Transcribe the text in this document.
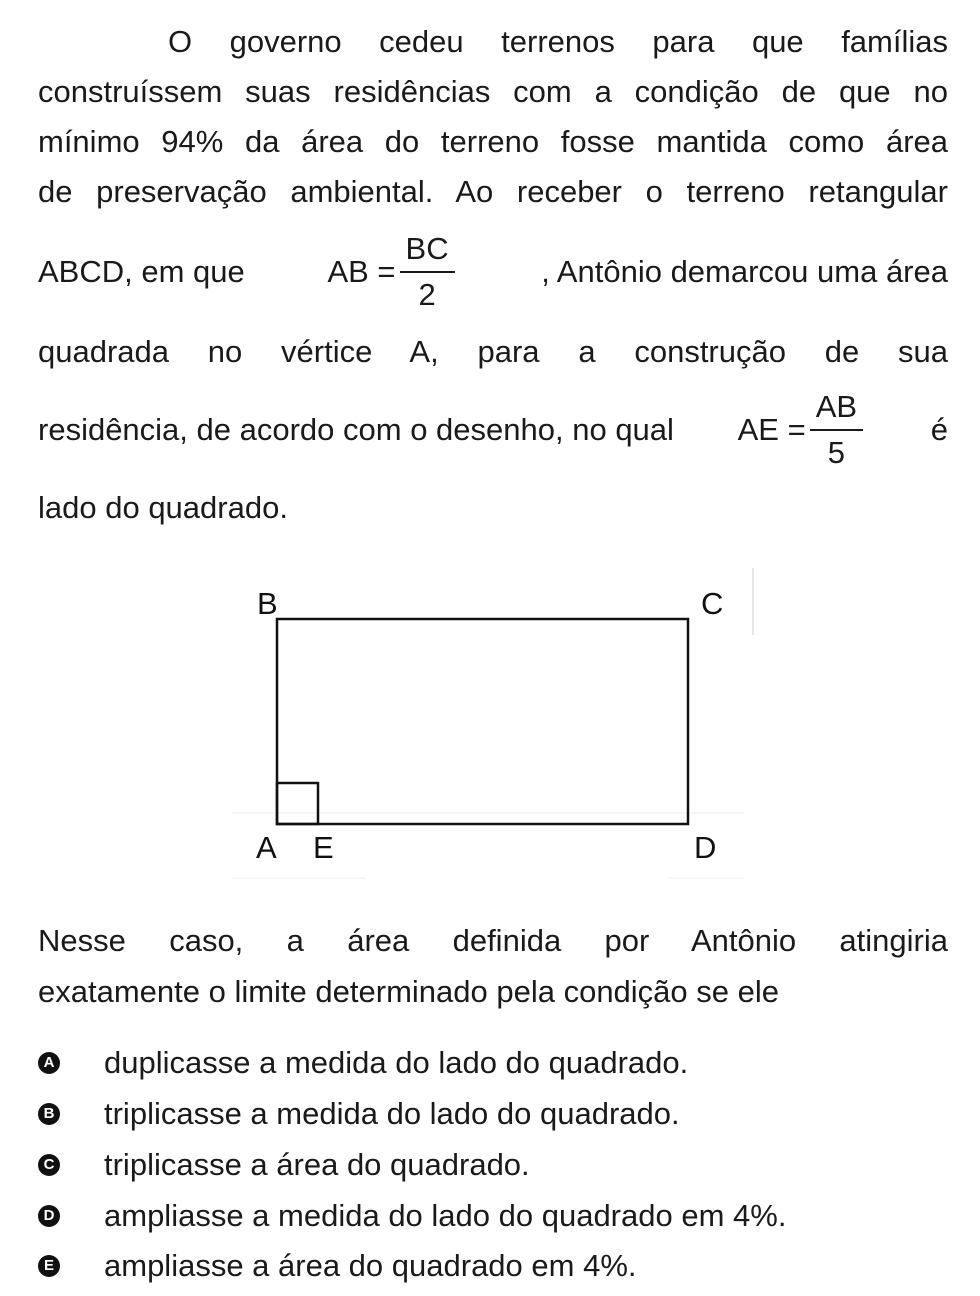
O governo cedeu terrenos para que famílias
construíssem suas residências com a condição de que no
mínimo 94% da área do terreno fosse mantida como área
de preservação ambiental. Ao receber o terreno retangular
ABCD, em que	AB = $\frac{BC}{2}$	, Antônio demarcou uma área
quadrada no vértice A, para a construção de sua
residência, de acordo com o desenho, no qual AE = $\frac{AB}{5}$ é
lado do quadrado.
B	C
A E	D
Nesse caso, a área definida por Antônio atingiria
exatamente o limite determinado pela condição se ele
A duplicasse a medida do lado do quadrado.
B triplicasse a medida do lado do quadrado.
C triplicasse a área do quadrado.
D ampliasse a medida do lado do quadrado em 4%.
E ampliasse a área do quadrado em 4%.
